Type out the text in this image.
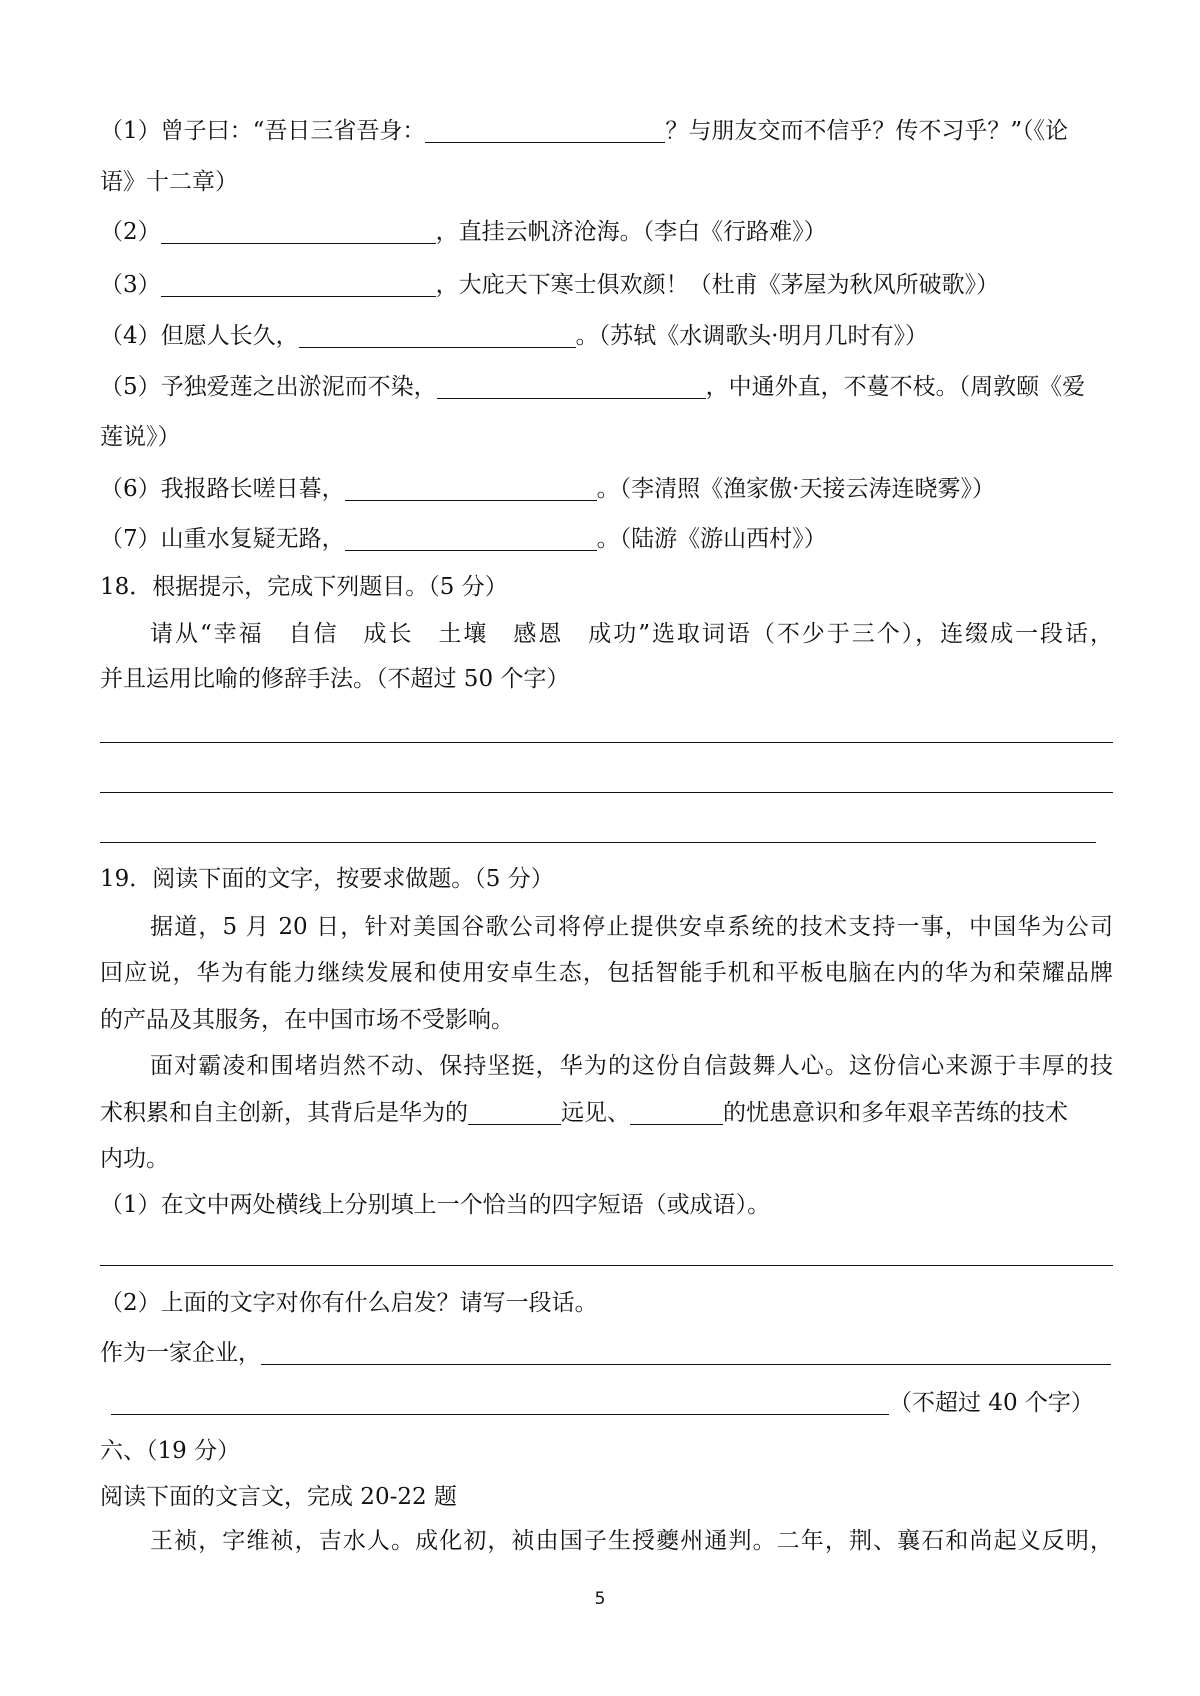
（1）曾子曰：“吾日三省吾身：	？与朋友交而不信乎？传不习乎？”（《论
语》十二章）
（2）	，直挂云帆济沧海。（李白《行路难》）
（3）	，大庇天下寒士俱欢颜！（杜甫《茅屋为秋风所破歌》）
（4）但愿人长久，	。（苏轼《水调歌头·明月几时有》）
（5）予独爱莲之出淤泥而不染，	，中通外直，不蔓不枝。（周敦颐《爱
莲说》）
（6）我报路长嗟日暮，	。（李清照《渔家傲·天接云涛连晓雾》）
（7）山重水复疑无路，	。（陆游《游山西村》）
18．根据提示，完成下列题目。（5 分）
请从“幸福　自信　成长　土壤　感恩　成功”选取词语（不少于三个），连缀成一段话，
并且运用比喻的修辞手法。（不超过 50 个字）
19．阅读下面的文字，按要求做题。（5 分）
据道，5 月 20 日，针对美国谷歌公司将停止提供安卓系统的技术支持一事，中国华为公司
回应说，华为有能力继续发展和使用安卓生态，包括智能手机和平板电脑在内的华为和荣耀品牌
的产品及其服务，在中国市场不受影响。
面对霸凌和围堵岿然不动、保持坚挺，华为的这份自信鼓舞人心。这份信心来源于丰厚的技
术积累和自主创新，其背后是华为的	远见、	的忧患意识和多年艰辛苦练的技术
内功。
（1）在文中两处横线上分别填上一个恰当的四字短语（或成语）。
（2）上面的文字对你有什么启发？请写一段话。
作为一家企业，
（不超过 40 个字）
六、（19 分）
阅读下面的文言文，完成 20-22 题
王祯，字维祯，吉水人。成化初，祯由国子生授夔州通判。二年，荆、襄石和尚起义反明，
5
